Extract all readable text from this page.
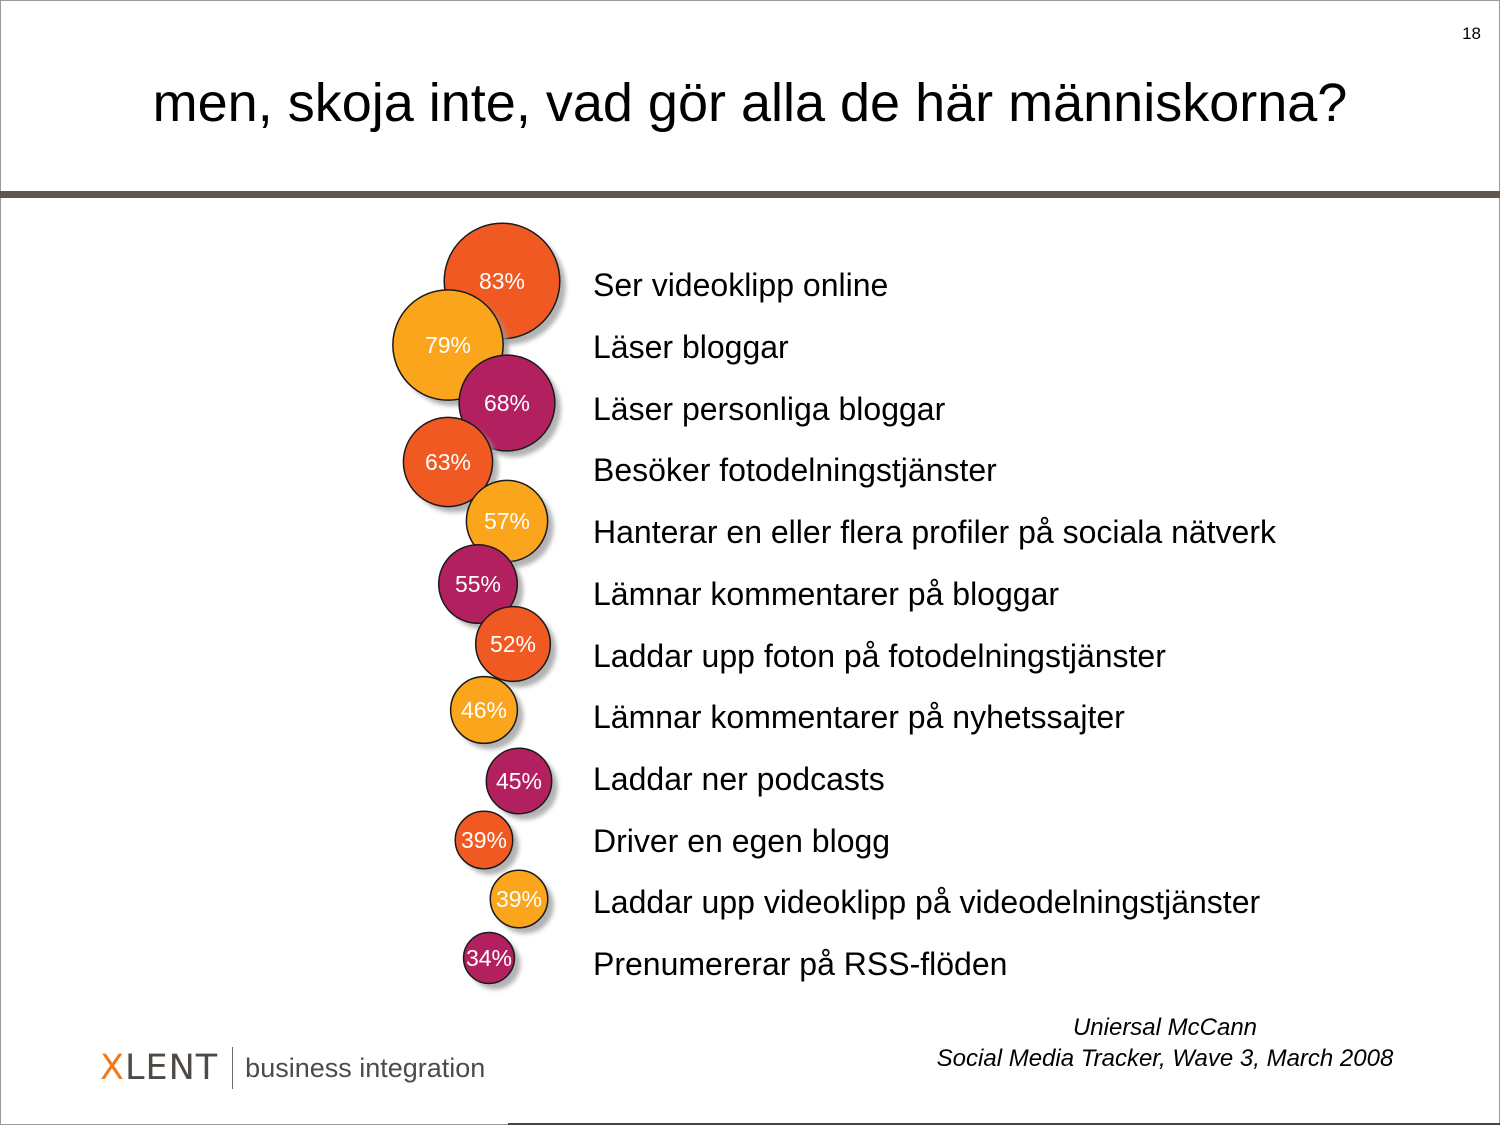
18
men, skoja inte, vad gör alla de här människorna?
83%
79%
68%
63%
57%
55%
52%
46%
45%
39%
39%
34%
Ser videoklipp online
Läser bloggar
Läser personliga bloggar
Besöker fotodelningstjänster
Hanterar en eller flera profiler på sociala nätverk
Lämnar kommentarer på bloggar
Laddar upp foton på fotodelningstjänster
Lämnar kommentarer på nyhetssajter
Laddar ner podcasts
Driver en egen blogg
Laddar upp videoklipp på videodelningstjänster
Prenumererar på RSS-flöden
Uniersal McCann
Social Media Tracker, Wave 3, March 2008
XLENT business integration
